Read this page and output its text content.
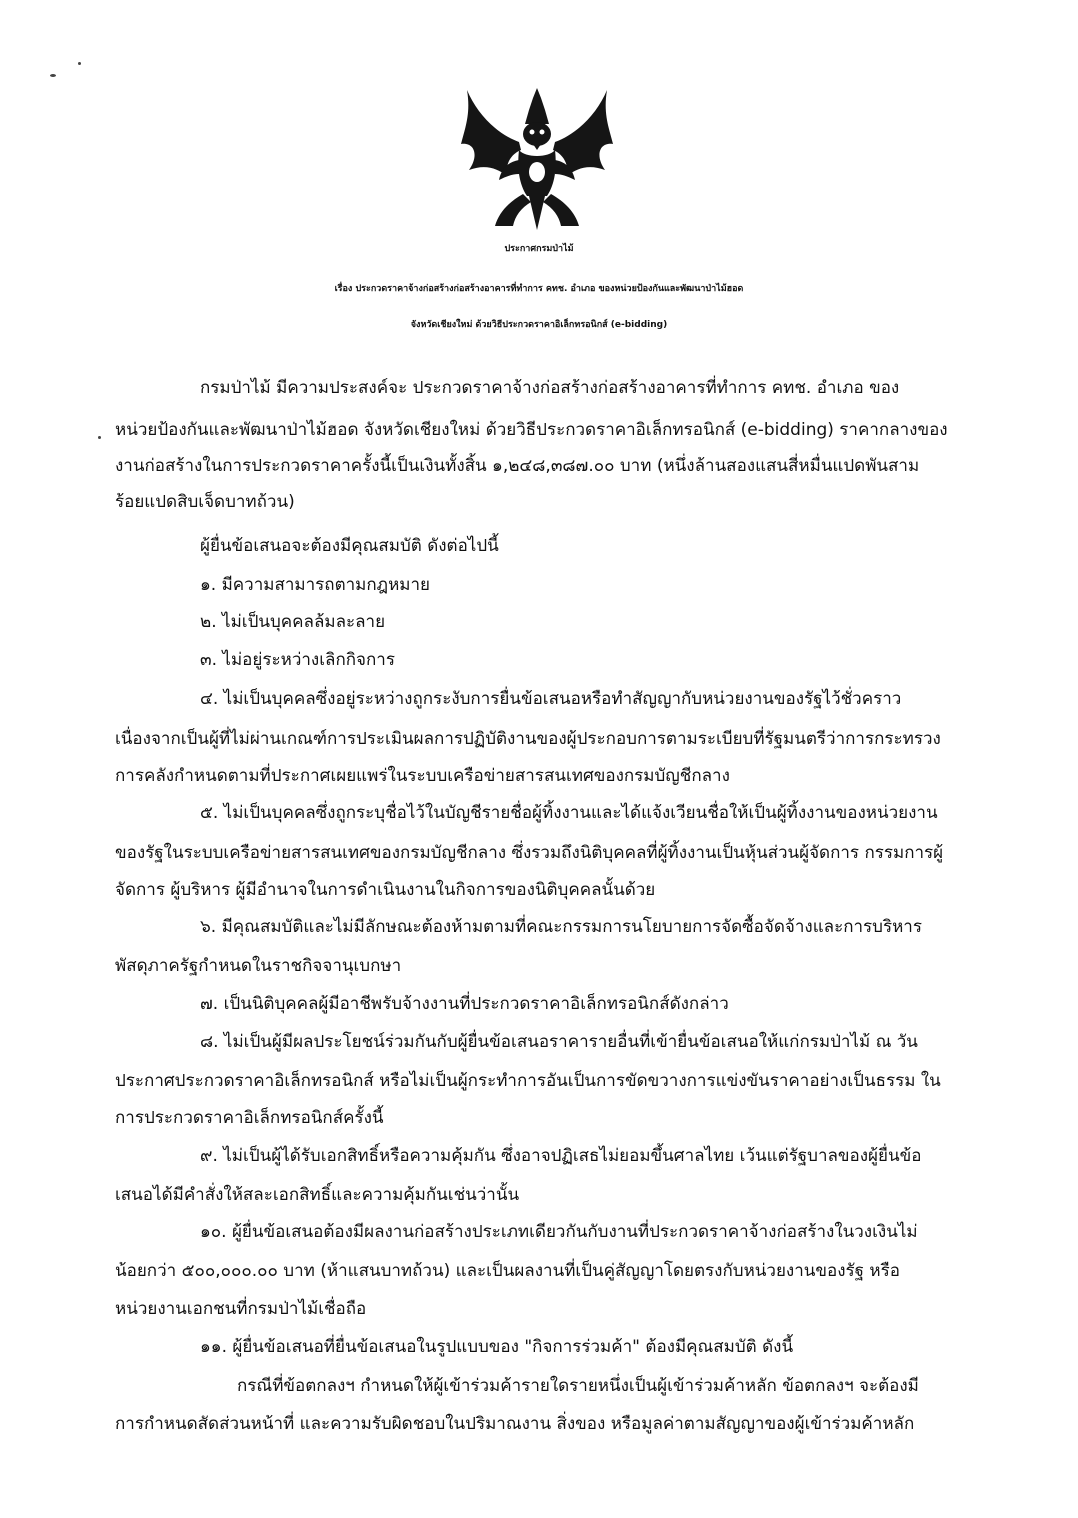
ประกาศกรมป่าไม้
เรื่อง ประกวดราคาจ้างก่อสร้างก่อสร้างอาคารที่ทำการ คทช. อำเภอ ของหน่วยป้องกันและพัฒนาป่าไม้ฮอด
จังหวัดเชียงใหม่ ด้วยวิธีประกวดราคาอิเล็กทรอนิกส์ (e-bidding)
กรมป่าไม้ มีความประสงค์จะ ประกวดราคาจ้างก่อสร้างก่อสร้างอาคารที่ทำการ คทช. อำเภอ ของ
หน่วยป้องกันและพัฒนาป่าไม้ฮอด จังหวัดเชียงใหม่ ด้วยวิธีประกวดราคาอิเล็กทรอนิกส์ (e-bidding) ราคากลางของ
งานก่อสร้างในการประกวดราคาครั้งนี้เป็นเงินทั้งสิ้น ๑,๒๔๘,๓๘๗.๐๐ บาท (หนึ่งล้านสองแสนสี่หมื่นแปดพันสาม
ร้อยแปดสิบเจ็ดบาทถ้วน)
ผู้ยื่นข้อเสนอจะต้องมีคุณสมบัติ ดังต่อไปนี้
๑. มีความสามารถตามกฎหมาย
๒. ไม่เป็นบุคคลล้มละลาย
๓. ไม่อยู่ระหว่างเลิกกิจการ
๔. ไม่เป็นบุคคลซึ่งอยู่ระหว่างถูกระงับการยื่นข้อเสนอหรือทำสัญญากับหน่วยงานของรัฐไว้ชั่วคราว
เนื่องจากเป็นผู้ที่ไม่ผ่านเกณฑ์การประเมินผลการปฏิบัติงานของผู้ประกอบการตามระเบียบที่รัฐมนตรีว่าการกระทรวง
การคลังกำหนดตามที่ประกาศเผยแพร่ในระบบเครือข่ายสารสนเทศของกรมบัญชีกลาง
๕. ไม่เป็นบุคคลซึ่งถูกระบุชื่อไว้ในบัญชีรายชื่อผู้ทิ้งงานและได้แจ้งเวียนชื่อให้เป็นผู้ทิ้งงานของหน่วยงาน
ของรัฐในระบบเครือข่ายสารสนเทศของกรมบัญชีกลาง ซึ่งรวมถึงนิติบุคคลที่ผู้ทิ้งงานเป็นหุ้นส่วนผู้จัดการ กรรมการผู้
จัดการ ผู้บริหาร ผู้มีอำนาจในการดำเนินงานในกิจการของนิติบุคคลนั้นด้วย
๖. มีคุณสมบัติและไม่มีลักษณะต้องห้ามตามที่คณะกรรมการนโยบายการจัดซื้อจัดจ้างและการบริหาร
พัสดุภาครัฐกำหนดในราชกิจจานุเบกษา
๗. เป็นนิติบุคคลผู้มีอาชีพรับจ้างงานที่ประกวดราคาอิเล็กทรอนิกส์ดังกล่าว
๘. ไม่เป็นผู้มีผลประโยชน์ร่วมกันกับผู้ยื่นข้อเสนอราคารายอื่นที่เข้ายื่นข้อเสนอให้แก่กรมป่าไม้ ณ วัน
ประกาศประกวดราคาอิเล็กทรอนิกส์ หรือไม่เป็นผู้กระทำการอันเป็นการขัดขวางการแข่งขันราคาอย่างเป็นธรรม ใน
การประกวดราคาอิเล็กทรอนิกส์ครั้งนี้
๙. ไม่เป็นผู้ได้รับเอกสิทธิ์หรือความคุ้มกัน ซึ่งอาจปฏิเสธไม่ยอมขึ้นศาลไทย เว้นแต่รัฐบาลของผู้ยื่นข้อ
เสนอได้มีคำสั่งให้สละเอกสิทธิ์และความคุ้มกันเช่นว่านั้น
๑๐. ผู้ยื่นข้อเสนอต้องมีผลงานก่อสร้างประเภทเดียวกันกับงานที่ประกวดราคาจ้างก่อสร้างในวงเงินไม่
น้อยกว่า ๕๐๐,๐๐๐.๐๐ บาท (ห้าแสนบาทถ้วน) และเป็นผลงานที่เป็นคู่สัญญาโดยตรงกับหน่วยงานของรัฐ หรือ
หน่วยงานเอกชนที่กรมป่าไม้เชื่อถือ
๑๑. ผู้ยื่นข้อเสนอที่ยื่นข้อเสนอในรูปแบบของ "กิจการร่วมค้า" ต้องมีคุณสมบัติ ดังนี้
กรณีที่ข้อตกลงฯ กำหนดให้ผู้เข้าร่วมค้ารายใดรายหนึ่งเป็นผู้เข้าร่วมค้าหลัก ข้อตกลงฯ จะต้องมี
การกำหนดสัดส่วนหน้าที่ และความรับผิดชอบในปริมาณงาน สิ่งของ หรือมูลค่าตามสัญญาของผู้เข้าร่วมค้าหลัก
